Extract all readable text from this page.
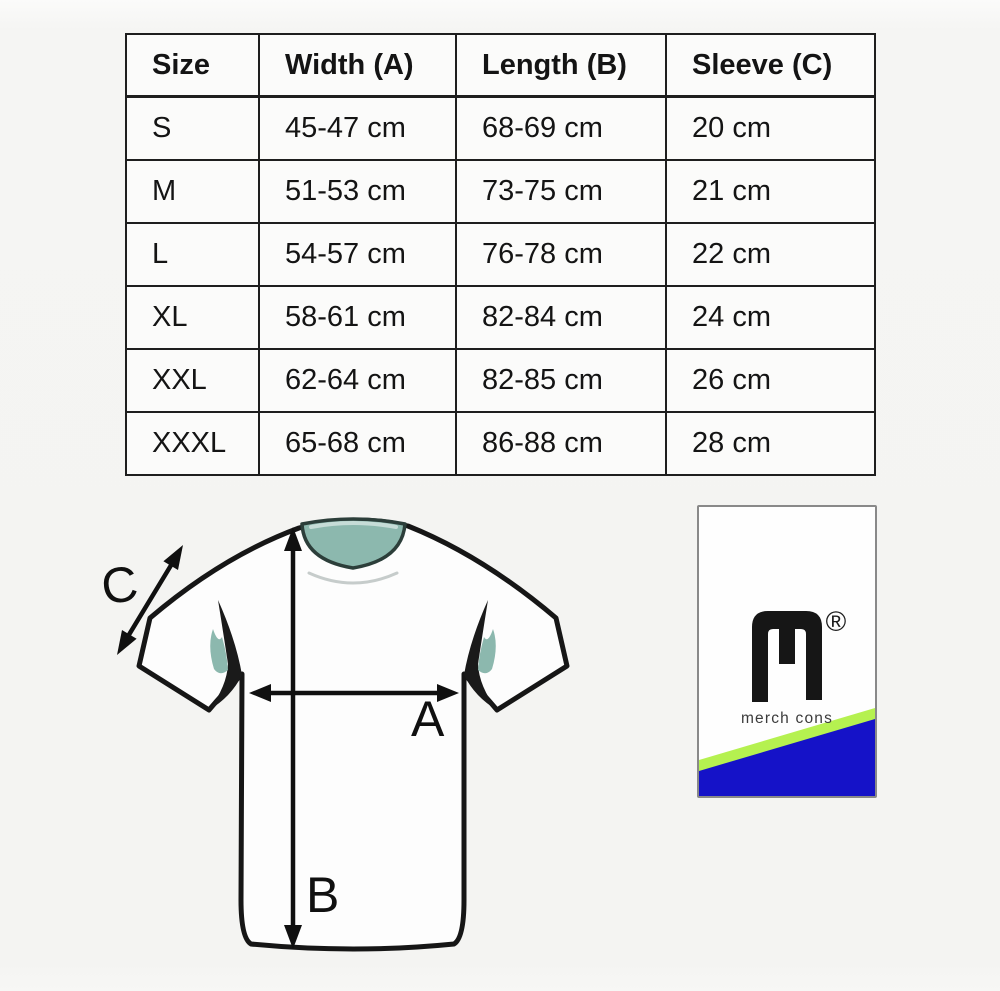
Size	Width (A)	Length (B)	Sleeve (C)
S	45-47 cm	68-69 cm	20 cm
M	51-53 cm	73-75 cm	21 cm
L	54-57 cm	76-78 cm	22 cm
XL	58-61 cm	82-84 cm	24 cm
XXL	62-64 cm	82-85 cm	26 cm
XXXL	65-68 cm	86-88 cm	28 cm
C
A
B
®
merch cons
